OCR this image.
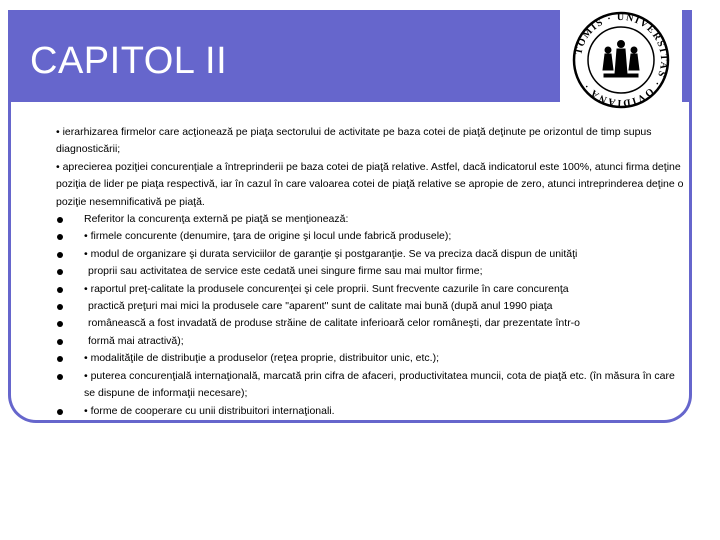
CAPITOL II	TOMIS · UNIVERSITAS · OVIDIANA ·

• ierarhizarea firmelor care acţionează pe piaţa sectorului de activitate pe baza cotei de piaţă deţinute pe orizontul de timp supus diagnosticării;

• aprecierea poziţiei concurenţiale a întreprinderii pe baza cotei de piaţă relative. Astfel, dacă indicatorul este 100%, atunci firma deţine poziţia de lider pe piaţa respectivă, iar în cazul în care valoarea cotei de piaţă relative se apropie de zero, atunci intreprinderea deţine o poziţie nesemnificativă pe piaţă.

Referitor la concurenţa externă pe piaţă se menţionează:
• firmele concurente (denumire, ţara de origine şi locul unde fabrică produsele);
• modul de organizare şi durata serviciilor de garanţie şi postgaranţie. Se va preciza dacă dispun de unităţi
proprii sau activitatea de service este cedată unei singure firme sau mai multor firme;
• raportul preţ-calitate la produsele concurenţei şi cele proprii. Sunt frecvente cazurile în care concurenţa
practică preţuri mai mici la produsele care "aparent" sunt de calitate mai bună (după anul 1990 piaţa
românească a fost invadată de produse străine de calitate inferioară celor româneşti, dar prezentate într-o
formă mai atractivă);
• modalităţile de distribuţie a produselor (reţea proprie, distribuitor unic, etc.);
• puterea concurenţială internaţională, marcată prin cifra de afaceri, productivitatea muncii, cota de piaţă etc. (în măsura în care se dispune de informaţii necesare);
• forme de cooperare cu unii distribuitori internaţionali.
